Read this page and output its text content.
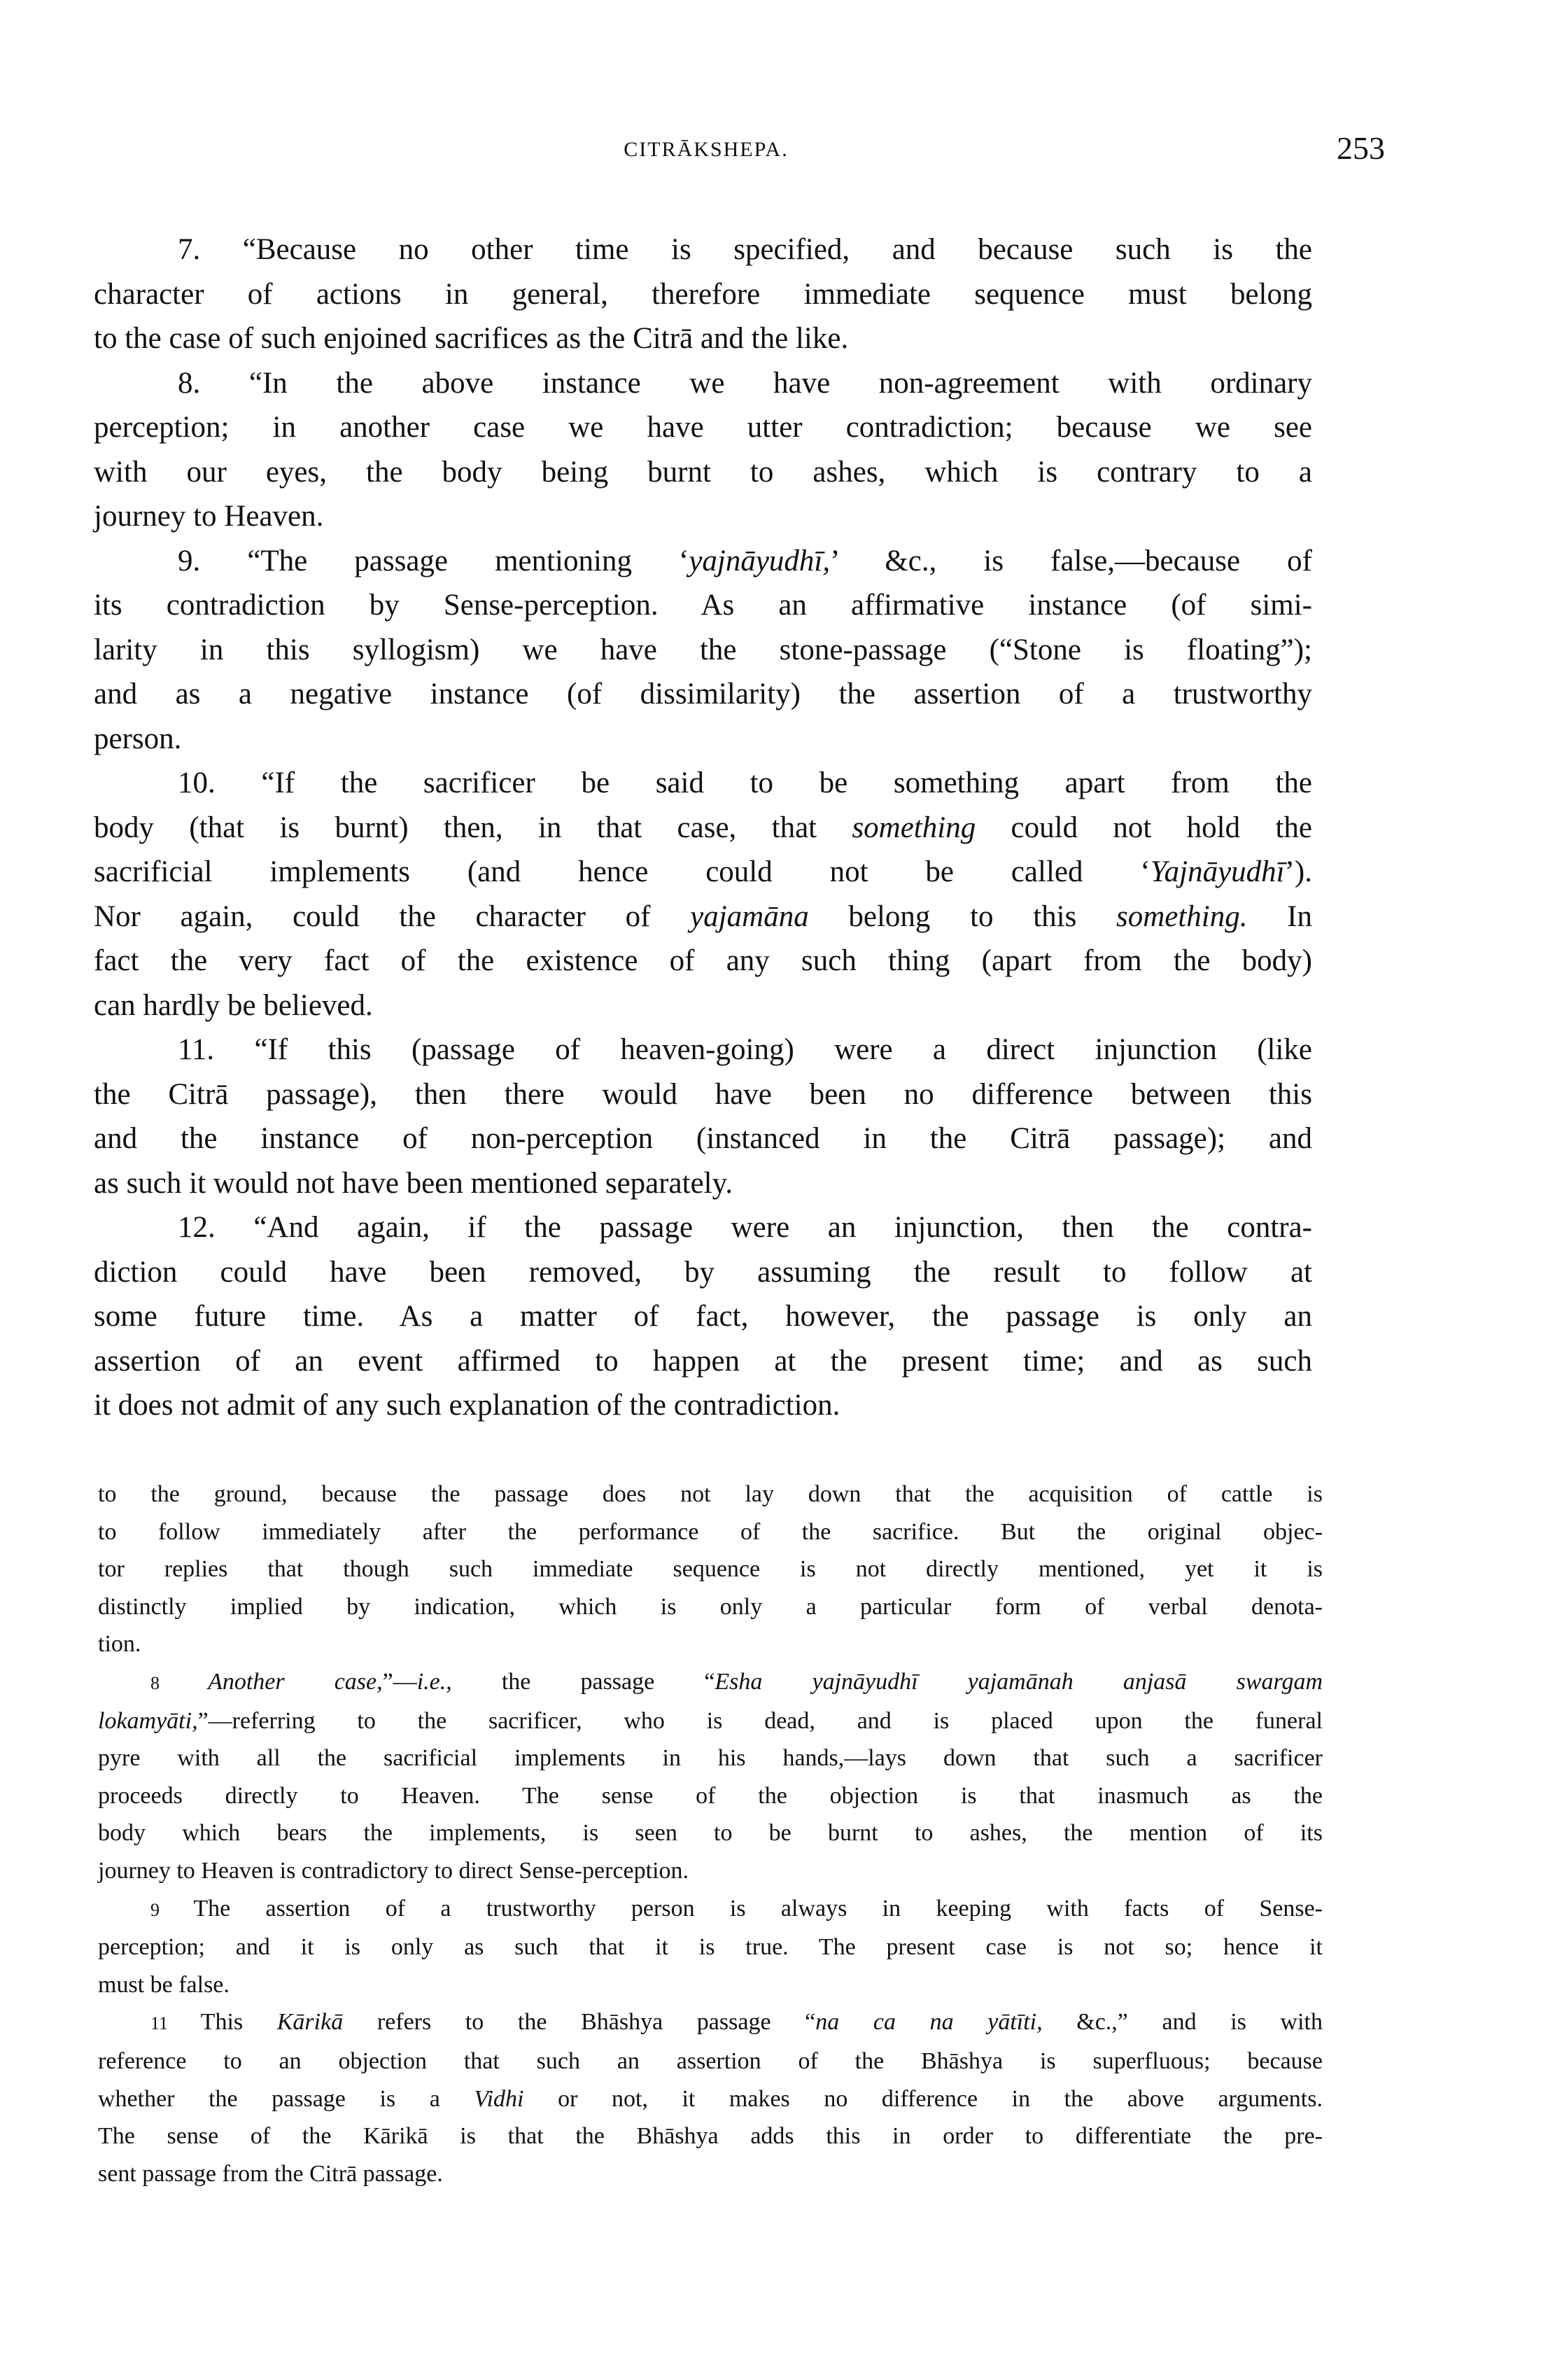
CITRĀKSHEPA.	253
7. “Because no other time is specified, and because such is the
character of actions in general, therefore immediate sequence must belong
to the case of such enjoined sacrifices as the Citrā and the like.
8. “In the above instance we have non-agreement with ordinary
perception; in another case we have utter contradiction; because we see
with our eyes, the body being burnt to ashes, which is contrary to a
journey to Heaven.
9. “The passage mentioning ‘yajnāyudhī,’ &c., is false,—because of
its contradiction by Sense-perception. As an affirmative instance (of simi-
larity in this syllogism) we have the stone-passage (“Stone is floating”);
and as a negative instance (of dissimilarity) the assertion of a trustworthy
person.
10. “If the sacrificer be said to be something apart from the
body (that is burnt) then, in that case, that something could not hold the
sacrificial implements (and hence could not be called ‘Yajnāyudhī’).
Nor again, could the character of yajamāna belong to this something. In
fact the very fact of the existence of any such thing (apart from the body)
can hardly be believed.
11. “If this (passage of heaven-going) were a direct injunction (like
the Citrā passage), then there would have been no difference between this
and the instance of non-perception (instanced in the Citrā passage); and
as such it would not have been mentioned separately.
12. “And again, if the passage were an injunction, then the contra-
diction could have been removed, by assuming the result to follow at
some future time. As a matter of fact, however, the passage is only an
assertion of an event affirmed to happen at the present time; and as such
it does not admit of any such explanation of the contradiction.
to the ground, because the passage does not lay down that the acquisition of cattle is
to follow immediately after the performance of the sacrifice. But the original objec-
tor replies that though such immediate sequence is not directly mentioned, yet it is
distinctly implied by indication, which is only a particular form of verbal denota-
tion.
8 Another case,”—i.e., the passage “Esha yajnāyudhī yajamānah anjasā swargam
lokamyāti,”—referring to the sacrificer, who is dead, and is placed upon the funeral
pyre with all the sacrificial implements in his hands,—lays down that such a sacrificer
proceeds directly to Heaven. The sense of the objection is that inasmuch as the
body which bears the implements, is seen to be burnt to ashes, the mention of its
journey to Heaven is contradictory to direct Sense-perception.
9 The assertion of a trustworthy person is always in keeping with facts of Sense-
perception; and it is only as such that it is true. The present case is not so; hence it
must be false.
11 This Kārikā refers to the Bhāshya passage “na ca na yātīti, &c.,” and is with
reference to an objection that such an assertion of the Bhāshya is superfluous; because
whether the passage is a Vidhi or not, it makes no difference in the above arguments.
The sense of the Kārikā is that the Bhāshya adds this in order to differentiate the pre-
sent passage from the Citrā passage.
